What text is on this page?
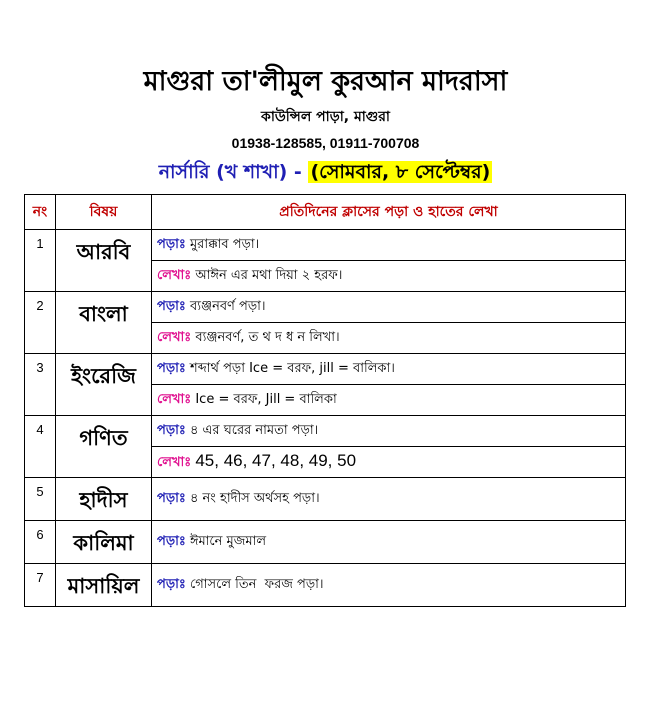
মাগুরা তা'লীমুল কুরআন মাদরাসা
কাউন্সিল পাড়া, মাগুরা
01938-128585, 01911-700708
নার্সারি (খ শাখা) - (সোমবার, ৮ সেপ্টেম্বর)
নং	বিষয়	প্রতিদিনের ক্লাসের পড়া ও হাতের লেখা
1	আরবি	পড়াঃ মুরাক্কাব পড়া।
		লেখাঃ আঈন এর মথা দিয়া ২ হরফ।
2	বাংলা	পড়াঃ ব্যঞ্জনবর্ণ পড়া।
		লেখাঃ ব্যঞ্জনবর্ণ, ত থ দ ধ ন লিখা।
3	ইংরেজি	পড়াঃ শব্দার্থ পড়া Ice = বরফ, jill = বালিকা।
		লেখাঃ Ice = বরফ, Jill = বালিকা
4	গণিত	পড়াঃ ৪ এর ঘরের নামতা পড়া।
		লেখাঃ 45, 46, 47, 48, 49, 50
5	হাদীস	পড়াঃ ৪ নং হাদীস অর্থসহ পড়া।
6	কালিমা	পড়াঃ ঈমানে মুজমাল
7	মাসায়িল	পড়াঃ গোসলে তিন  ফরজ পড়া।
